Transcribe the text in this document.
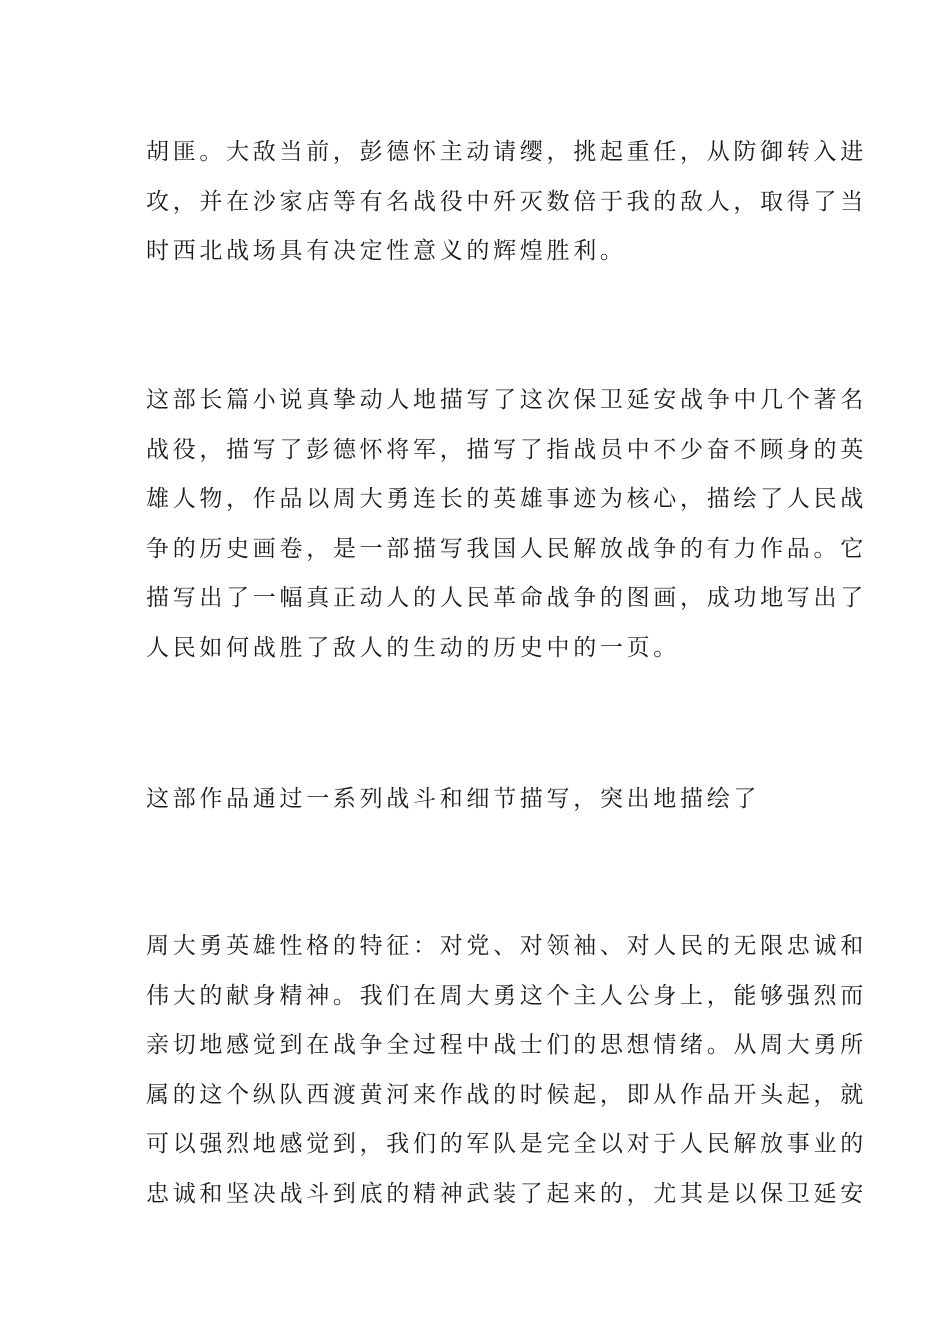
胡匪。大敌当前，彭德怀主动请缨，挑起重任，从防御转入进
攻，并在沙家店等有名战役中歼灭数倍于我的敌人，取得了当
时西北战场具有决定性意义的辉煌胜利。
这部长篇小说真挚动人地描写了这次保卫延安战争中几个著名
战役，描写了彭德怀将军，描写了指战员中不少奋不顾身的英
雄人物，作品以周大勇连长的英雄事迹为核心，描绘了人民战
争的历史画卷，是一部描写我国人民解放战争的有力作品。它
描写出了一幅真正动人的人民革命战争的图画，成功地写出了
人民如何战胜了敌人的生动的历史中的一页。
这部作品通过一系列战斗和细节描写，突出地描绘了
周大勇英雄性格的特征：对党、对领袖、对人民的无限忠诚和
伟大的献身精神。我们在周大勇这个主人公身上，能够强烈而
亲切地感觉到在战争全过程中战士们的思想情绪。从周大勇所
属的这个纵队西渡黄河来作战的时候起，即从作品开头起，就
可以强烈地感觉到，我们的军队是完全以对于人民解放事业的
忠诚和坚决战斗到底的精神武装了起来的，尤其是以保卫延安
